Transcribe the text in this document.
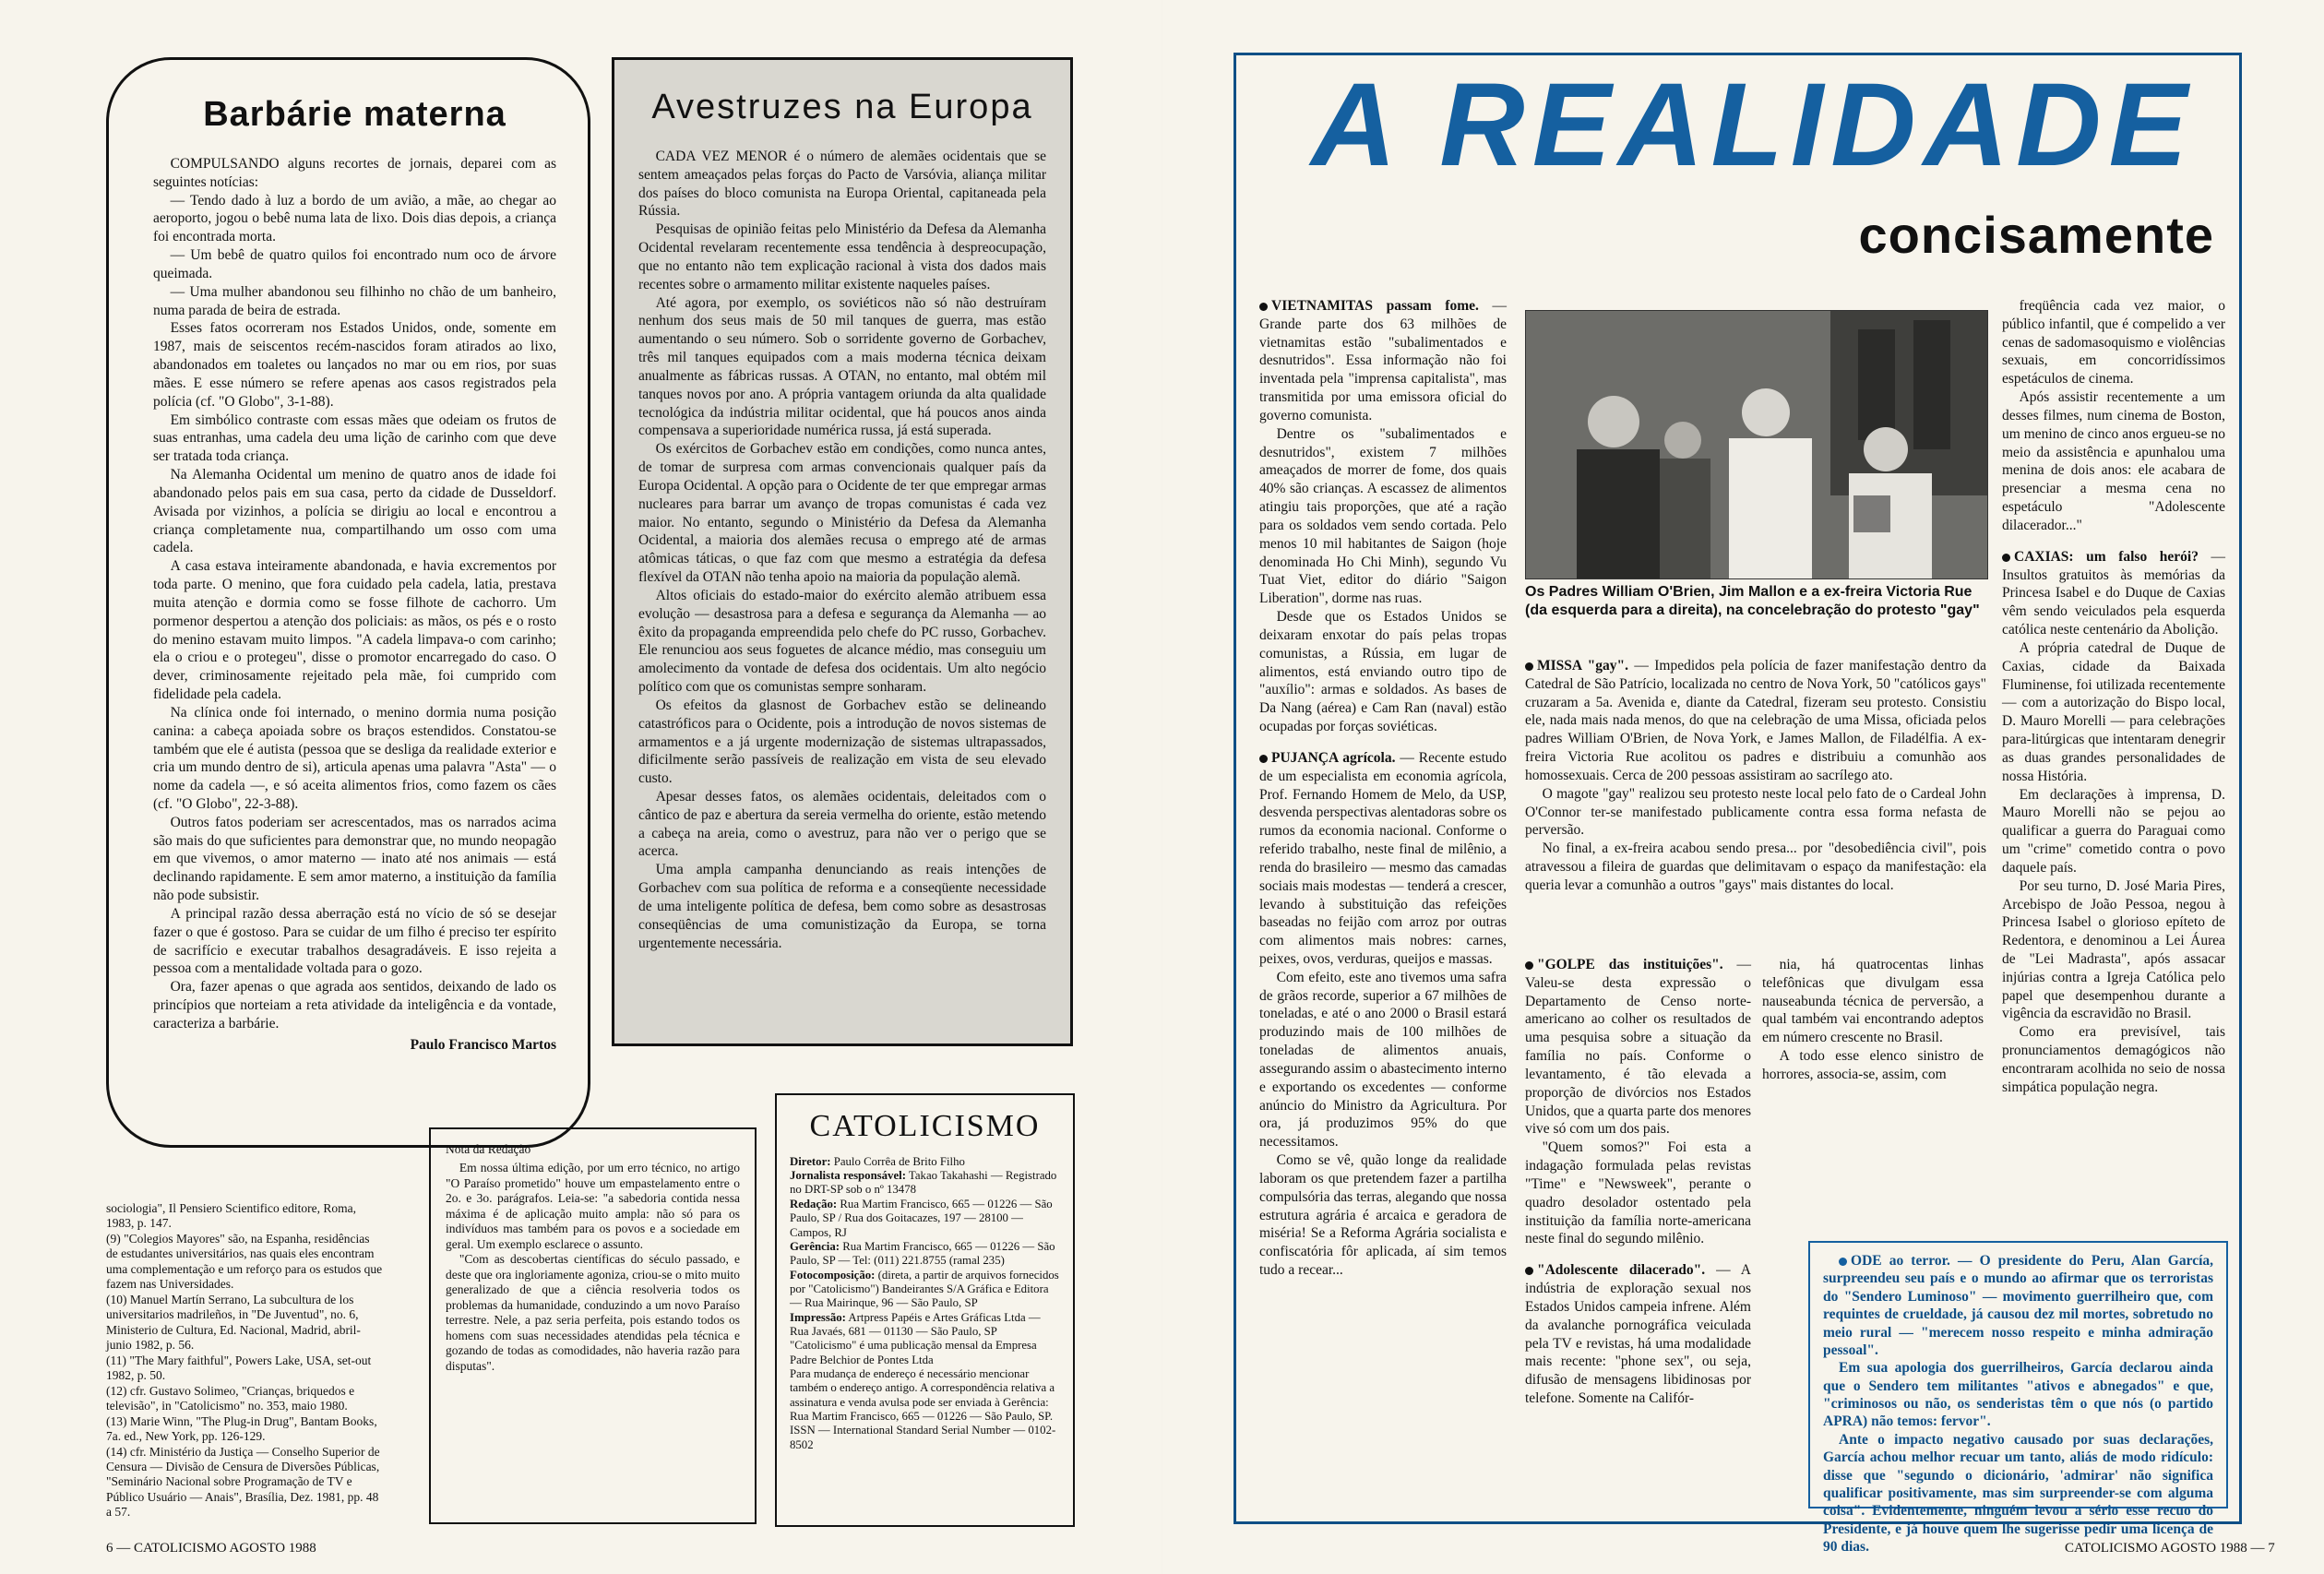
Barbárie materna

COMPULSANDO alguns recortes de jornais, deparei com as seguintes notícias:

— Tendo dado à luz a bordo de um avião, a mãe, ao chegar ao aeroporto, jogou o bebê numa lata de lixo. Dois dias depois, a criança foi encontrada morta.

— Um bebê de quatro quilos foi encontrado num oco de árvore queimada.

— Uma mulher abandonou seu filhinho no chão de um banheiro, numa parada de beira de estrada.

Esses fatos ocorreram nos Estados Unidos, onde, somente em 1987, mais de seiscentos recém-nascidos foram atirados ao lixo, abandonados em toaletes ou lançados no mar ou em rios, por suas mães. E esse número se refere apenas aos casos registrados pela polícia (cf. "O Globo", 3-1-88).

Em simbólico contraste com essas mães que odeiam os frutos de suas entranhas, uma cadela deu uma lição de carinho com que deve ser tratada toda criança.

Na Alemanha Ocidental um menino de quatro anos de idade foi abandonado pelos pais em sua casa, perto da cidade de Dusseldorf. Avisada por vizinhos, a polícia se dirigiu ao local e encontrou a criança completamente nua, compartilhando um osso com uma cadela.

A casa estava inteiramente abandonada, e havia excrementos por toda parte. O menino, que fora cuidado pela cadela, latia, prestava muita atenção e dormia como se fosse filhote de cachorro. Um pormenor despertou a atenção dos policiais: as mãos, os pés e o rosto do menino estavam muito limpos. "A cadela limpava-o com carinho; ela o criou e o protegeu", disse o promotor encarregado do caso. O dever, criminosamente rejeitado pela mãe, foi cumprido com fidelidade pela cadela.

Na clínica onde foi internado, o menino dormia numa posição canina: a cabeça apoiada sobre os braços estendidos. Constatou-se também que ele é autista (pessoa que se desliga da realidade exterior e cria um mundo dentro de si), articula apenas uma palavra "Asta" — o nome da cadela —, e só aceita alimentos frios, como fazem os cães (cf. "O Globo", 22-3-88).

Outros fatos poderiam ser acrescentados, mas os narrados acima são mais do que suficientes para demonstrar que, no mundo neopagão em que vivemos, o amor materno — inato até nos animais — está declinando rapidamente. E sem amor materno, a instituição da família não pode subsistir.

A principal razão dessa aberração está no vício de só se desejar fazer o que é gostoso. Para se cuidar de um filho é preciso ter espírito de sacrifício e executar trabalhos desagradáveis. E isso rejeita a pessoa com a mentalidade voltada para o gozo.

Ora, fazer apenas o que agrada aos sentidos, deixando de lado os princípios que norteiam a reta atividade da inteligência e da vontade, caracteriza a barbárie.

Paulo Francisco Martos
Avestruzes na Europa

CADA VEZ MENOR é o número de alemães ocidentais que se sentem ameaçados pelas forças do Pacto de Varsóvia, aliança militar dos países do bloco comunista na Europa Oriental, capitaneada pela Rússia.

Pesquisas de opinião feitas pelo Ministério da Defesa da Alemanha Ocidental revelaram recentemente essa tendência à despreocupação, que no entanto não tem explicação racional à vista dos dados mais recentes sobre o armamento militar existente naqueles países.

Até agora, por exemplo, os soviéticos não só não destruíram nenhum dos seus mais de 50 mil tanques de guerra, mas estão aumentando o seu número. Sob o sorridente governo de Gorbachev, três mil tanques equipados com a mais moderna técnica deixam anualmente as fábricas russas. A OTAN, no entanto, mal obtém mil tanques novos por ano. A própria vantagem oriunda da alta qualidade tecnológica da indústria militar ocidental, que há poucos anos ainda compensava a superioridade numérica russa, já está superada.

Os exércitos de Gorbachev estão em condições, como nunca antes, de tomar de surpresa com armas convencionais qualquer país da Europa Ocidental. A opção para o Ocidente de ter que empregar armas nucleares para barrar um avanço de tropas comunistas é cada vez maior. No entanto, segundo o Ministério da Defesa da Alemanha Ocidental, a maioria dos alemães recusa o emprego até de armas atômicas táticas, o que faz com que mesmo a estratégia da defesa flexível da OTAN não tenha apoio na maioria da população alemã.

Altos oficiais do estado-maior do exército alemão atribuem essa evolução — desastrosa para a defesa e segurança da Alemanha — ao êxito da propaganda empreendida pelo chefe do PC russo, Gorbachev. Ele renunciou aos seus foguetes de alcance médio, mas conseguiu um amolecimento da vontade de defesa dos ocidentais. Um alto negócio político com que os comunistas sempre sonharam.

Os efeitos da glasnost de Gorbachev estão se delineando catastróficos para o Ocidente, pois a introdução de novos sistemas de armamentos e a já urgente modernização de sistemas ultrapassados, dificilmente serão passíveis de realização em vista de seu elevado custo.

Apesar desses fatos, os alemães ocidentais, deleitados com o cântico de paz e abertura da sereia vermelha do oriente, estão metendo a cabeça na areia, como o avestruz, para não ver o perigo que se acerca.

Uma ampla campanha denunciando as reais intenções de Gorbachev com sua política de reforma e a conseqüente necessidade de uma inteligente política de defesa, bem como sobre as desastrosas conseqüências de uma comunistização da Europa, se torna urgentemente necessária.

sociologia", Il Pensiero Scientifico editore, Roma, 1983, p. 147.

(9) "Colegios Mayores" são, na Espanha, residências de estudantes universitários, nas quais eles encontram uma complementação e um reforço para os estudos que fazem nas Universidades.

(10) Manuel Martín Serrano, La subcultura de los universitarios madrileños, in "De Juventud", no. 6, Ministerio de Cultura, Ed. Nacional, Madrid, abril-junio 1982, p. 56.

(11) "The Mary faithful", Powers Lake, USA, set-out 1982, p. 50.

(12) cfr. Gustavo Solimeo, "Crianças, briquedos e televisão", in "Catolicismo" no. 353, maio 1980.

(13) Marie Winn, "The Plug-in Drug", Bantam Books, 7a. ed., New York, pp. 126-129.

(14) cfr. Ministério da Justiça — Conselho Superior de Censura — Divisão de Censura de Diversões Públicas, "Seminário Nacional sobre Programação de TV e Público Usuário — Anais", Brasília, Dez. 1981, pp. 48 a 57.

Nota da Redação

Em nossa última edição, por um erro técnico, no artigo "O Paraíso prometido" houve um empastelamento entre o 2o. e 3o. parágrafos. Leia-se: "a sabedoria contida nessa máxima é de aplicação muito ampla: não só para os indivíduos mas também para os povos e a sociedade em geral. Um exemplo esclarece o assunto.

"Com as descobertas científicas do século passado, e deste que ora ingloriamente agoniza, criou-se o mito muito generalizado de que a ciência resolveria todos os problemas da humanidade, conduzindo a um novo Paraíso terrestre. Nele, a paz seria perfeita, pois estando todos os homens com suas necessidades atendidas pela técnica e gozando de todas as comodidades, não haveria razão para disputas".

CATOLICISMO

Diretor: Paulo Corrêa de Brito Filho

Jornalista responsável: Takao Takahashi — Registrado no DRT-SP sob o nº 13478

Redação: Rua Martim Francisco, 665 — 01226 — São Paulo, SP / Rua dos Goitacazes, 197 — 28100 — Campos, RJ

Gerência: Rua Martim Francisco, 665 — 01226 — São Paulo, SP — Tel: (011) 221.8755 (ramal 235)

Fotocomposição: (direta, a partir de arquivos fornecidos por "Catolicismo") Bandeirantes S/A Gráfica e Editora — Rua Mairinque, 96 — São Paulo, SP

Impressão: Artpress Papéis e Artes Gráficas Ltda — Rua Javaés, 681 — 01130 — São Paulo, SP

"Catolicismo" é uma publicação mensal da Empresa Padre Belchior de Pontes Ltda

Para mudança de endereço é necessário mencionar também o endereço antigo. A correspondência relativa a assinatura e venda avulsa pode ser enviada à Gerência: Rua Martim Francisco, 665 — 01226 — São Paulo, SP.

ISSN — International Standard Serial Number — 0102-8502

6 — CATOLICISMO AGOSTO 1988
A REALIDADE
concisamente

VIETNAMITAS passam fome. — Grande parte dos 63 milhões de vietnamitas estão "subalimentados e desnutridos". Essa informação não foi inventada pela "imprensa capitalista", mas transmitida por uma emissora oficial do governo comunista.

Dentre os "subalimentados e desnutridos", existem 7 milhões ameaçados de morrer de fome, dos quais 40% são crianças. A escassez de alimentos atingiu tais proporções, que até a ração para os soldados vem sendo cortada. Pelo menos 10 mil habitantes de Saigon (hoje denominada Ho Chi Minh), segundo Vu Tuat Viet, editor do diário "Saigon Liberation", dorme nas ruas.

Desde que os Estados Unidos se deixaram enxotar do país pelas tropas comunistas, a Rússia, em lugar de alimentos, está enviando outro tipo de "auxílio": armas e soldados. As bases de Da Nang (aérea) e Cam Ran (naval) estão ocupadas por forças soviéticas.

PUJANÇA agrícola. — Recente estudo de um especialista em economia agrícola, Prof. Fernando Homem de Melo, da USP, desvenda perspectivas alentadoras sobre os rumos da economia nacional. Conforme o referido trabalho, neste final de milênio, a renda do brasileiro — mesmo das camadas sociais mais modestas — tenderá a crescer, levando à substituição das refeições baseadas no feijão com arroz por outras com alimentos mais nobres: carnes, peixes, ovos, verduras, queijos e massas.

Com efeito, este ano tivemos uma safra de grãos recorde, superior a 67 milhões de toneladas, e até o ano 2000 o Brasil estará produzindo mais de 100 milhões de toneladas de alimentos anuais, assegurando assim o abastecimento interno e exportando os excedentes — conforme anúncio do Ministro da Agricultura. Por ora, já produzimos 95% do que necessitamos.

Como se vê, quão longe da realidade laboram os que pretendem fazer a partilha compulsória das terras, alegando que nossa estrutura agrária é arcaica e geradora de miséria! Se a Reforma Agrária socialista e confiscatória fôr aplicada, aí sim temos tudo a recear...

Os Padres William O'Brien, Jim Mallon e a ex-freira Victoria Rue (da esquerda para a direita), na concelebração do protesto "gay"

MISSA "gay". — Impedidos pela polícia de fazer manifestação dentro da Catedral de São Patrício, localizada no centro de Nova York, 50 "católicos gays" cruzaram a 5a. Avenida e, diante da Catedral, fizeram seu protesto. Consistiu ele, nada mais nada menos, do que na celebração de uma Missa, oficiada pelos padres William O'Brien, de Nova York, e James Mallon, de Filadélfia. A ex-freira Victoria Rue acolitou os padres e distribuiu a comunhão aos homossexuais. Cerca de 200 pessoas assistiram ao sacrílego ato.

O magote "gay" realizou seu protesto neste local pelo fato de o Cardeal John O'Connor ter-se manifestado publicamente contra essa forma nefasta de perversão.

No final, a ex-freira acabou sendo presa... por "desobediência civil", pois atravessou a fileira de guardas que delimitavam o espaço da manifestação: ela queria levar a comunhão a outros "gays" mais distantes do local.

"GOLPE das instituições". — Valeu-se desta expressão o Departamento de Censo norte-americano ao colher os resultados de uma pesquisa sobre a situação da família no país. Conforme o levantamento, é tão elevada a proporção de divórcios nos Estados Unidos, que a quarta parte dos menores vive só com um dos pais.

"Quem somos?" Foi esta a indagação formulada pelas revistas "Time" e "Newsweek", perante o quadro desolador ostentado pela instituição da família norte-americana neste final do segundo milênio.

"Adolescente dilacerado". — A indústria de exploração sexual nos Estados Unidos campeia infrene. Além da avalanche pornográfica veiculada pela TV e revistas, há uma modalidade mais recente: "phone sex", ou seja, difusão de mensagens libidinosas por telefone. Somente na Califór-

nia, há quatrocentas linhas telefônicas que divulgam essa nauseabunda técnica de perversão, a qual também vai encontrando adeptos em número crescente no Brasil.

A todo esse elenco sinistro de horrores, associa-se, assim, com

freqüência cada vez maior, o público infantil, que é compelido a ver cenas de sadomasoquismo e violências sexuais, em concorridíssimos espetáculos de cinema.

Após assistir recentemente a um desses filmes, num cinema de Boston, um menino de cinco anos ergueu-se no meio da assistência e apunhalou uma menina de dois anos: ele acabara de presenciar a mesma cena no espetáculo "Adolescente dilacerador..."

CAXIAS: um falso herói? — Insultos gratuitos às memórias da Princesa Isabel e do Duque de Caxias vêm sendo veiculados pela esquerda católica neste centenário da Abolição.

A própria catedral de Duque de Caxias, cidade da Baixada Fluminense, foi utilizada recentemente — com a autorização do Bispo local, D. Mauro Morelli — para celebrações para-litúrgicas que intentaram denegrir as duas grandes personalidades de nossa História.

Em declarações à imprensa, D. Mauro Morelli não se pejou ao qualificar a guerra do Paraguai como um "crime" cometido contra o povo daquele país.

Por seu turno, D. José Maria Pires, Arcebispo de João Pessoa, negou à Princesa Isabel o glorioso epíteto de Redentora, e denominou a Lei Áurea de "Lei Madrasta", após assacar injúrias contra a Igreja Católica pelo papel que desempenhou durante a vigência da escravidão no Brasil.

Como era previsível, tais pronunciamentos demagógicos não encontraram acolhida no seio de nossa simpática população negra.

ODE ao terror. — O presidente do Peru, Alan García, surpreendeu seu país e o mundo ao afirmar que os terroristas do "Sendero Luminoso" — movimento guerrilheiro que, com requintes de crueldade, já causou dez mil mortes, sobretudo no meio rural — "merecem nosso respeito e minha admiração pessoal".

Em sua apologia dos guerrilheiros, García declarou ainda que o Sendero tem militantes "ativos e abnegados" e que, "criminosos ou não, os senderistas têm o que nós (o partido APRA) não temos: fervor".

Ante o impacto negativo causado por suas declarações, García achou melhor recuar um tanto, aliás de modo ridículo: disse que "segundo o dicionário, 'admirar' não significa qualificar positivamente, mas sim surpreender-se com alguma coisa". Evidentemente, ninguém levou a sério esse recuo do Presidente, e já houve quem lhe sugerisse pedir uma licença de 90 dias.	CATOLICISMO AGOSTO 1988 — 7
